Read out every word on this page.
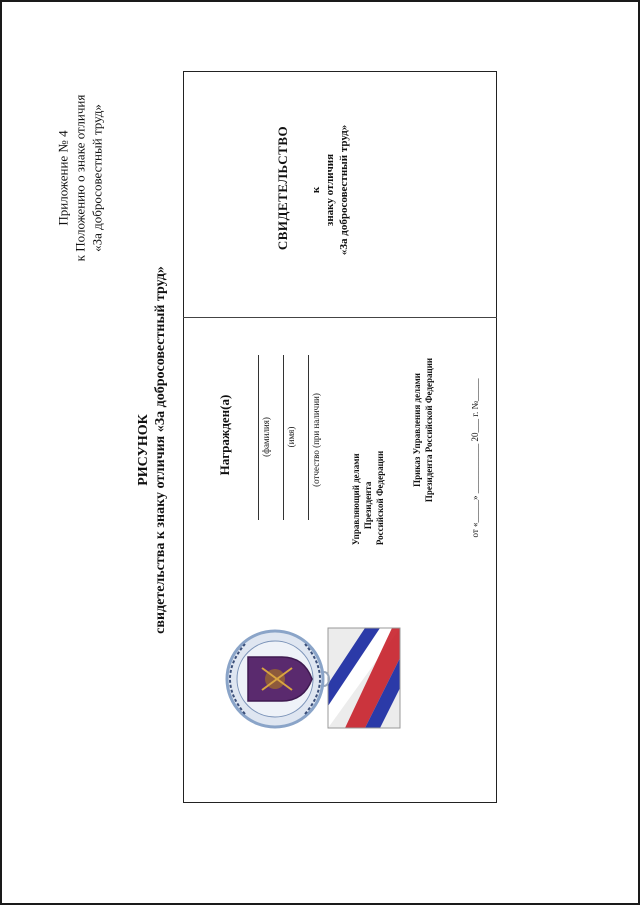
Приложение № 4 к Положению о знаке отличия «За добросовестный труд»
РИСУНОК свидетельства к знаку отличия «За добросовестный труд»
СВИДЕТЕЛЬСТВО к знаку отличия «За добросовестный труд»
Награжден(а)	(фамилия) (имя) (отчество (при наличии)
Управляющий делами Президента Российской Федерации
Приказ Управления делами Президента Российской Федерации	от «_____» ___________ 20___ г. №_____
